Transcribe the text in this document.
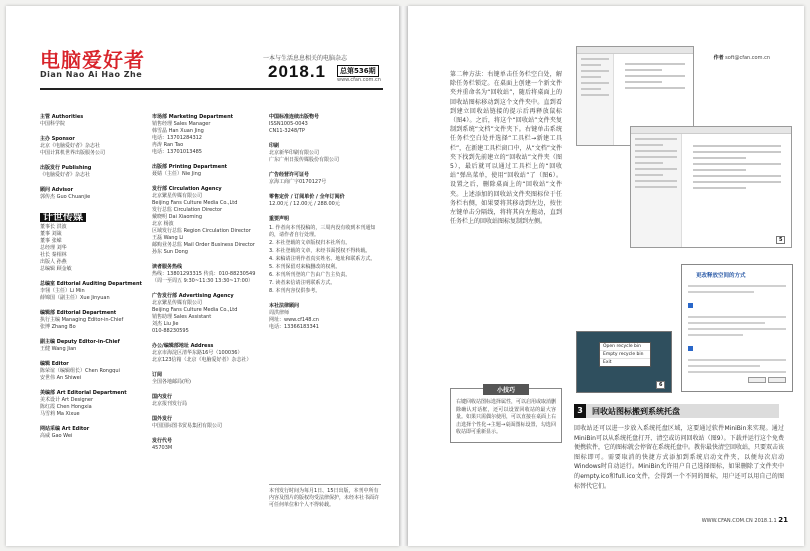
电脑爱好者
Dian Nao Ai Hao Zhe
一本与生活息息相关的电脑杂志
2018.1	总第536期
www.cfan.com.cn
主管 Authorities
中国科学院
主办 Sponsor
北京《电脑爱好者》杂志社
中国计算机世界出版服务公司
出版发行 Publishing
《电脑爱好者》杂志社
顾问 Advisor
郭传杰 Guo Chuanjie
计世传媒
董事长 洪波
董事 刘箴
董事 张嵘
总经理 刘华
社长 秦相林
出版人 孙燕
总编辑 顾金敏
总编室 Editorial Auditing Department
李翎（主任）Li Min
薛锦国（副主任）Xue Jinyuan
编辑部 Editorial Department
执行主编 Managing Editor-in-Chief
张博 Zhang Bo
副主编 Deputy Editor-in-Chief
王健 Wang Jian
编辑 Editor
陈荣谊（编辑组长）Chen Rongqui
安世伟 An Shiwei
美编部 Art Editorial Department
美术设计 Art Designer
陈红霞 Chen Hongxia
马雪莉 Ma Xixue
网站采编 Art Editor
高威 Gao Wei
市场部 Marketing Department
销售经理 Sales Manager
韩雪晶 Han Xuan Jing
电话：13701284312
冉涛 Ran Tao
电话：13701013485
出版部 Printing Department
聂婧（主任）Nie Jing
发行部 Circulation Agency
北京繁星传媒有限公司
Beijing Fans Culture Media Co.,Ltd
发行总监 Circulation Director
戴晓明 Dai Xiaoming
北京 杨波
区域发行总监 Region Circulation Director
王磊 Wang Li
邮购业务总监 Mail Order Business Director
孙东 Sun Dong
读者服务热线
热线：13801293315 传真：010-88230549
（周一至周五 9:30~11:30 13:30~17:00）
广告发行部 Advertising Agency
北京繁星传媒有限公司
Beijing Fans Culture Media Co.,Ltd
销售助理 Sales Assistant
刘杰 Liu Jie
010-88230595
办公/编辑部地址 Address
北京市海淀区清华东路16号（100036）
北京123信箱（北京《电脑爱好者》杂志社）
订阅
全国各地邮局(所)
国内发行
北京报刊发行局
国外发行
中国国际图书贸易集团有限公司
发行代号
45703M
中国标准连续出版物号
ISSN1005-0043
CN11-3248/TP
印刷
北京新华印刷有限公司
广东广州日报传媒股份有限公司
广告经营许可证号
京海工商广字0170127号
零售定价 / 订阅单价 / 全年订阅价
12.00元 / 12.00元 / 288.00元
重要声明
1. 作者向本刊投稿的，三周内没有收到本刊通知的，请作者自行处理。
2. 本社登载的文章版权归本社所有。
3. 本社登载的文章，未经书面授权不得转载。
4. 来稿请注明作者真实姓名、地址和联系方式。
5. 本刊保留对来稿删改的权利。
6. 本刊所刊登的广告由广告主负责。
7. 读者来信请注明联系方式。
8. 本刊内容仅供参考。
本社法律顾问
周洪律师
网址：www.cf148.cn
电话：13366183341
本刊发行时间为每月1日、15日出版，本刊中所有内容及图片的版权均受法律保护，未经本社书面许可任何单位和个人不得转载。
作者 soft@cfan.com.cn
第二种方法：右键单击任务栏空白处，解除任务栏锁定。在桌面上创建一个新文件夹并重命名为“回收站”，随后将桌面上的回收站图标移动到这个文件夹中。直到看到建立回收站链接的提示后再释放鼠标（图4）。之后，将这个“回收站”文件夹复制到系统“文档”文件夹下。右键单击系统任务栏空白处并选择“工具栏→新建工具栏”，在新建工具栏窗口中，从“文档”文件夹下找到先前建立的“回收站”文件夹（图5），最后就可以通过工具栏上的“回收站”弹出菜单，使用“回收站”了（图6）。设置之后，删除桌面上的“回收站”文件夹。上述添加的回收站文件夹图标位于任务栏右侧，如果要将其移动到左边，按住左键单击分隔线，将将其向左拖动，直到任务栏上的回收站图标复制到左侧。
小技巧
右键回收站图标选择属性，可以启用或取消删除确认对话框，还可以设置回收站的最大容量。如果只需偶尔使用，可以直接在桌面上右击选择个性化→主题→桌面图标设置，勾选回收站即可重新显示。
5
Open recycle bin
Empty recycle bin
Exit
6
更改释放空间的方式
3	回收站图标搬到系统托盘
回收站还可以进一步放入系统托盘区域，这要通过软件MiniBin来实现。通过MiniBin可以从系统托盘打开、清空或访问回收站（图9）。下载并运行这个免费便携软件，它的图标就会停留在系统托盘中。教你最快清空回收站，只要双击该图标即可。需要取消的快捷方式添加到系统启动文件夹，以便每次启动Windows时自动运行。MiniBin允许用户自己选择图标，如果删除了文件夹中的empty.ico和full.ico文件，会得到一个不同的图标，用户还可以用自己的图标替代它们。
WWW.CFAN.COM.CN 2018.1.1 21
